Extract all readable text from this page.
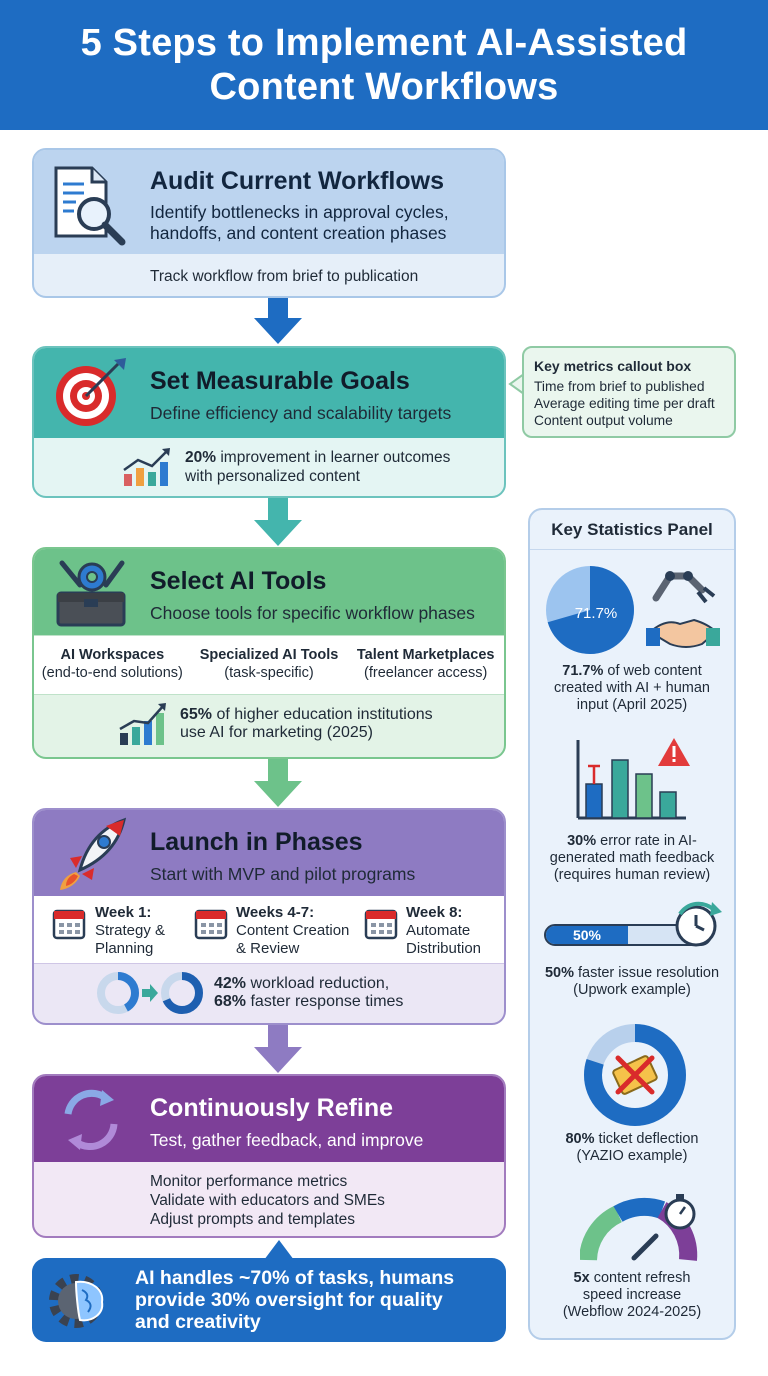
5 Steps to Implement AI-Assisted
Content Workflows
Audit Current Workflows
Identify bottlenecks in approval cycles,
handoffs, and content creation phases
Track workflow from brief to publication
Set Measurable Goals
Define efficiency and scalability targets
20% improvement in learner outcomes
with personalized content
Key metrics callout box
Time from brief to published
Average editing time per draft
Content output volume
Select AI Tools
Choose tools for specific workflow phases
AI Workspaces
(end-to-end solutions)
Specialized AI Tools
(task-specific)
Talent Marketplaces
(freelancer access)
65% of higher education institutions
use AI for marketing (2025)
Launch in Phases
Start with MVP and pilot programs
Week 1:
Strategy &
Planning
Weeks 4-7:
Content Creation
& Review
Week 8:
Automate
Distribution
42% workload reduction,
68% faster response times
Continuously Refine
Test, gather feedback, and improve
Monitor performance metrics
Validate with educators and SMEs
Adjust prompts and templates
AI handles ~70% of tasks, humans
provide 30% oversight for quality
and creativity
Key Statistics Panel
71.7%
71.7% of web content
created with AI + human
input (April 2025)
30% error rate in AI-
generated math feedback
(requires human review)
50%
50% faster issue resolution
(Upwork example)
80% ticket deflection
(YAZIO example)
5x content refresh
speed increase
(Webflow 2024-2025)
